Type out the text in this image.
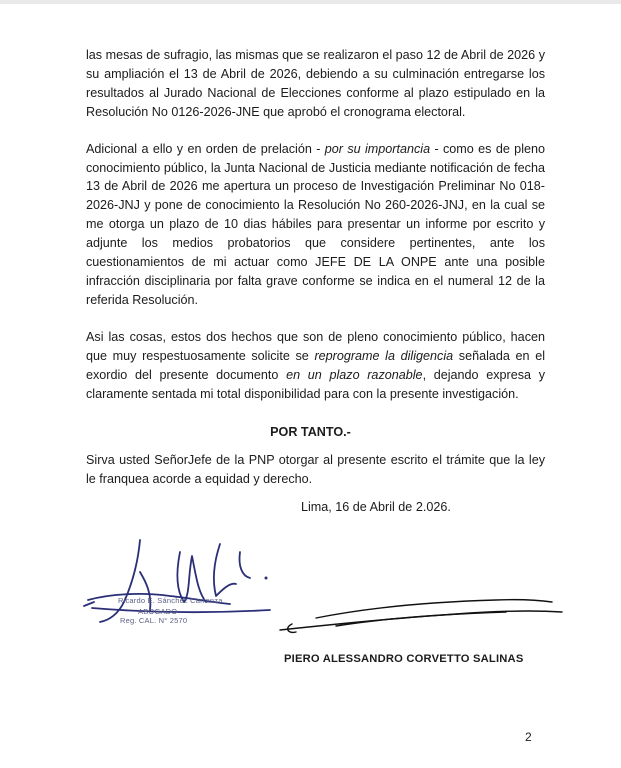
las mesas de sufragio, las mismas que se realizaron el paso 12 de Abril de 2026 y su ampliación el 13 de Abril de 2026, debiendo a su culminación entregarse los resultados al Jurado Nacional de Elecciones conforme al plazo estipulado en la Resolución No 0126-2026-JNE que aprobó el cronograma electoral.

Adicional a ello y en orden de prelación - por su importancia - como es de pleno conocimiento público, la Junta Nacional de Justicia mediante notificación de fecha 13 de Abril de 2026 me apertura un proceso de Investigación Preliminar No 018-2026-JNJ y pone de conocimiento la Resolución No 260-2026-JNJ, en la cual se me otorga un plazo de 10 dias hábiles para presentar un informe por escrito y adjunte los medios probatorios que considere pertinentes, ante los cuestionamientos de mi actuar como JEFE DE LA ONPE ante una posible infracción disciplinaria por falta grave conforme se indica en el numeral 12 de la referida Resolución.

Asi las cosas, estos dos hechos que son de pleno conocimiento público, hacen que muy respestuosamente solicite se reprograme la diligencia señalada en el exordio del presente documento en un plazo razonable, dejando expresa y claramente sentada mi total disponibilidad para con la presente investigación.

POR TANTO.-
Sirva usted SeñorJefe de la PNP otorgar al presente escrito el trámite que la ley le franquea acorde a equidad y derecho.
Lima, 16 de Abril de 2.026.
Ricardo E. Sánchez Carranza
ABOGADO
Reg. CAL. N° 2570
PIERO ALESSANDRO CORVETTO SALINAS
2
